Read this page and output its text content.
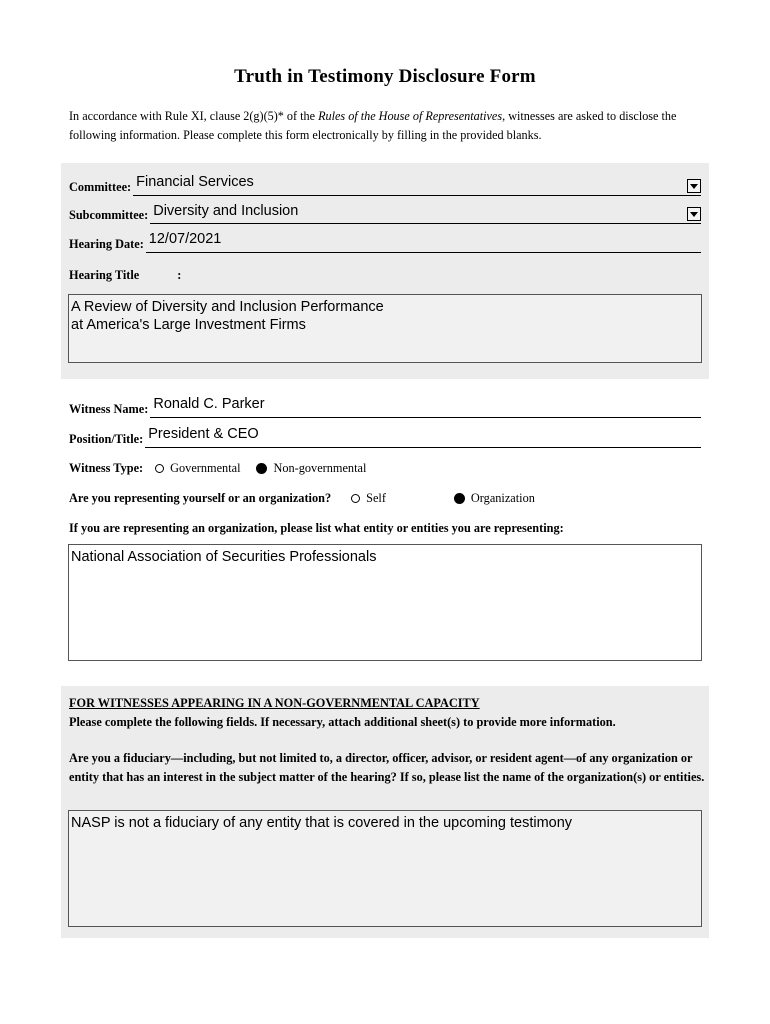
Truth in Testimony Disclosure Form
In accordance with Rule XI, clause 2(g)(5)* of the Rules of the House of Representatives, witnesses are asked to disclose the following information. Please complete this form electronically by filling in the provided blanks.
Committee: Financial Services
Subcommittee: Diversity and Inclusion
Hearing Date: 12/07/2021
Hearing Title	:
A Review of Diversity and Inclusion Performance
at America's Large Investment Firms
Witness Name: Ronald C. Parker
Position/Title: President & CEO
Witness Type: Governmental	Non-governmental
Are you representing yourself or an organization?	Self	Organization
If you are representing an organization, please list what entity or entities you are representing:
National Association of Securities Professionals
FOR WITNESSES APPEARING IN A NON-GOVERNMENTAL CAPACITY
Please complete the following fields. If necessary, attach additional sheet(s) to provide more information.
Are you a fiduciary—including, but not limited to, a director, officer, advisor, or resident agent—of any organization or entity that has an interest in the subject matter of the hearing? If so, please list the name of the organization(s) or entities.
NASP is not a fiduciary of any entity that is covered in the upcoming testimony
